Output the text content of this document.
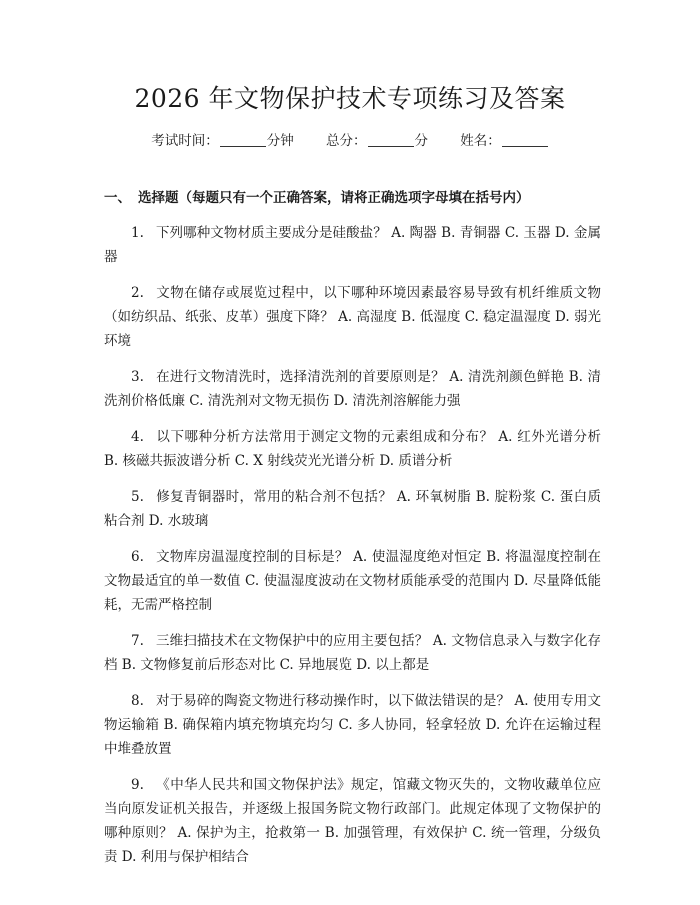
2026 年文物保护技术专项练习及答案
考试时间：	分钟 总分：	分 姓名：
一、 选择题（每题只有一个正确答案，请将正确选项字母填在括号内）
1. 下列哪种文物材质主要成分是硅酸盐？ A. 陶器 B. 青铜器 C. 玉器 D. 金属器
2. 文物在储存或展览过程中，以下哪种环境因素最容易导致有机纤维质文物（如纺织品、纸张、皮革）强度下降？ A. 高湿度 B. 低湿度 C. 稳定温湿度 D. 弱光环境
3. 在进行文物清洗时，选择清洗剂的首要原则是？ A. 清洗剂颜色鲜艳 B. 清洗剂价格低廉 C. 清洗剂对文物无损伤 D. 清洗剂溶解能力强
4. 以下哪种分析方法常用于测定文物的元素组成和分布？ A. 红外光谱分析 B. 核磁共振波谱分析 C. X 射线荧光光谱分析 D. 质谱分析
5. 修复青铜器时，常用的粘合剂不包括？ A. 环氧树脂 B. 腚粉浆 C. 蛋白质粘合剂 D. 水玻璃
6. 文物库房温湿度控制的目标是？ A. 使温湿度绝对恒定 B. 将温湿度控制在文物最适宜的单一数值 C. 使温湿度波动在文物材质能承受的范围内 D. 尽量降低能耗，无需严格控制
7. 三维扫描技术在文物保护中的应用主要包括？ A. 文物信息录入与数字化存档 B. 文物修复前后形态对比 C. 异地展览 D. 以上都是
8. 对于易碎的陶瓷文物进行移动操作时，以下做法错误的是？ A. 使用专用文物运输箱 B. 确保箱内填充物填充均匀 C. 多人协同，轻拿轻放 D. 允许在运输过程中堆叠放置
9. 《中华人民共和国文物保护法》规定，馆藏文物灭失的，文物收藏单位应当向原发证机关报告，并逐级上报国务院文物行政部门。此规定体现了文物保护的哪种原则？ A. 保护为主，抢救第一 B. 加强管理，有效保护 C. 统一管理，分级负责 D. 利用与保护相结合
